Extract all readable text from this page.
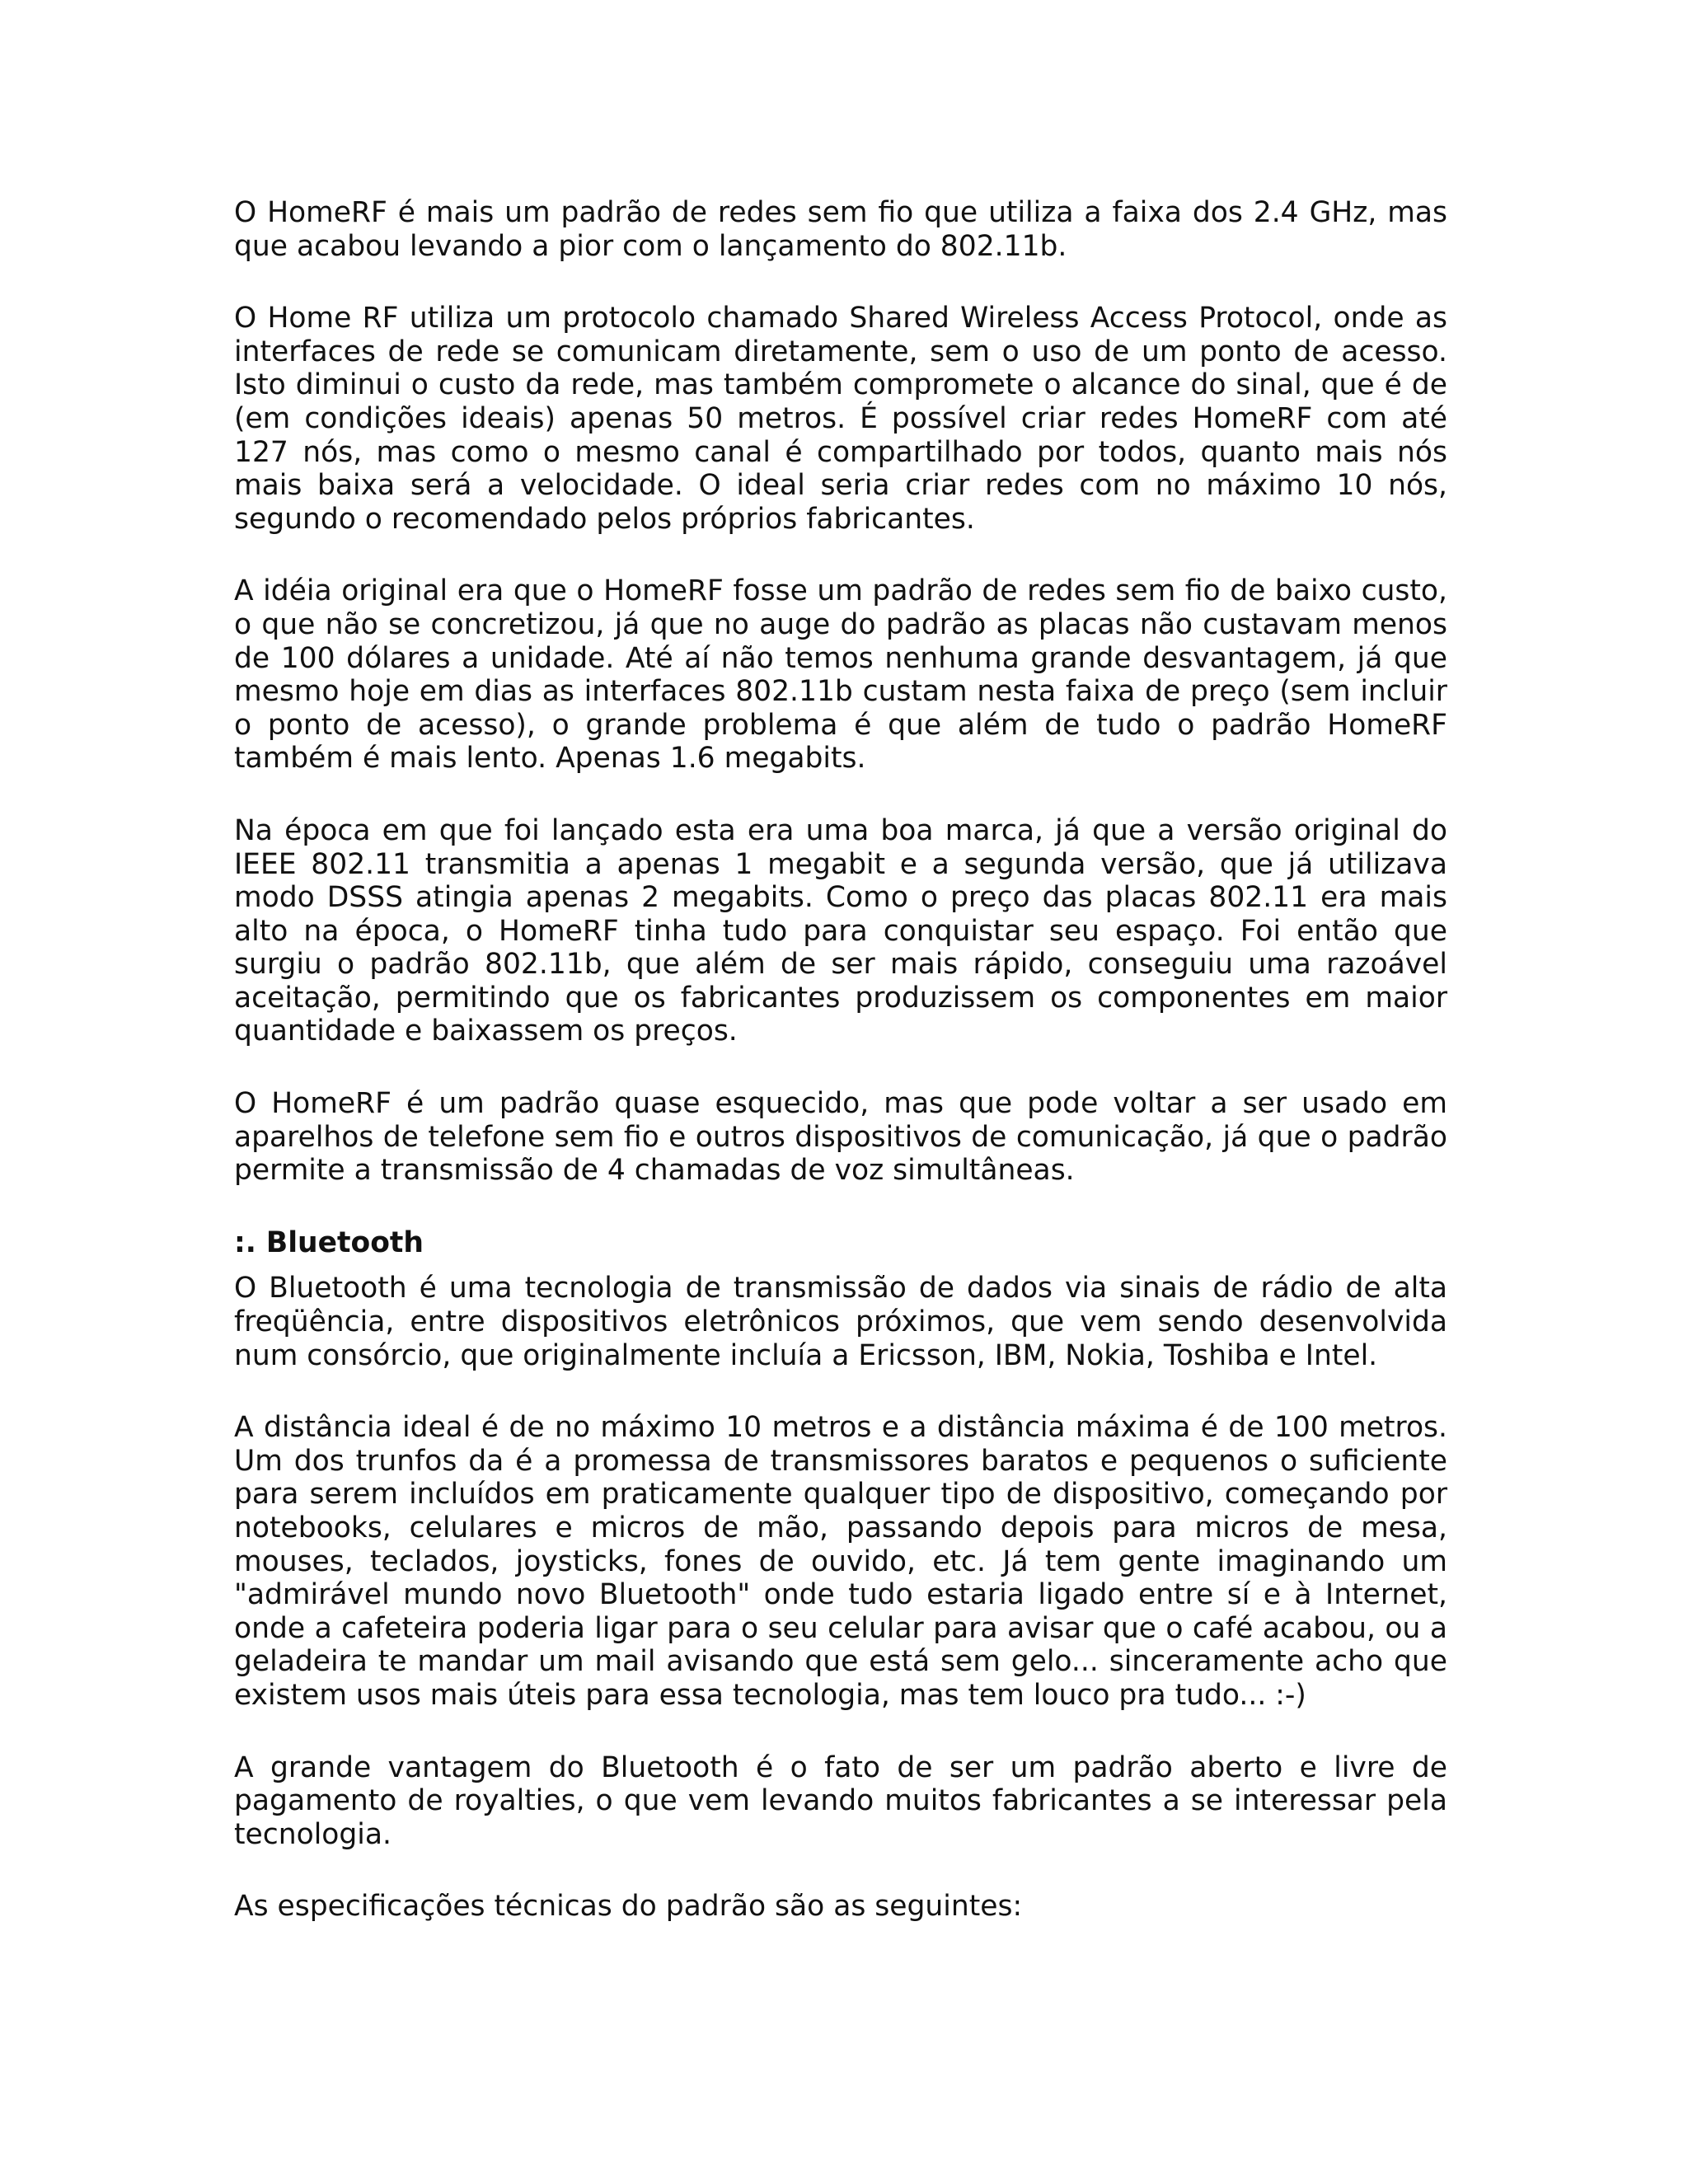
O HomeRF é mais um padrão de redes sem fio que utiliza a faixa dos 2.4 GHz, mas que acabou levando a pior com o lançamento do 802.11b.

O Home RF utiliza um protocolo chamado Shared Wireless Access Protocol, onde as interfaces de rede se comunicam diretamente, sem o uso de um ponto de acesso. Isto diminui o custo da rede, mas também compromete o alcance do sinal, que é de (em condições ideais) apenas 50 metros. É possível criar redes HomeRF com até 127 nós, mas como o mesmo canal é compartilhado por todos, quanto mais nós mais baixa será a velocidade. O ideal seria criar redes com no máximo 10 nós, segundo o recomendado pelos próprios fabricantes.

A idéia original era que o HomeRF fosse um padrão de redes sem fio de baixo custo, o que não se concretizou, já que no auge do padrão as placas não custavam menos de 100 dólares a unidade. Até aí não temos nenhuma grande desvantagem, já que mesmo hoje em dias as interfaces 802.11b custam nesta faixa de preço (sem incluir o ponto de acesso), o grande problema é que além de tudo o padrão HomeRF também é mais lento. Apenas 1.6 megabits.

Na época em que foi lançado esta era uma boa marca, já que a versão original do IEEE 802.11 transmitia a apenas 1 megabit e a segunda versão, que já utilizava modo DSSS atingia apenas 2 megabits. Como o preço das placas 802.11 era mais alto na época, o HomeRF tinha tudo para conquistar seu espaço. Foi então que surgiu o padrão 802.11b, que além de ser mais rápido, conseguiu uma razoável aceitação, permitindo que os fabricantes produzissem os componentes em maior quantidade e baixassem os preços.

O HomeRF é um padrão quase esquecido, mas que pode voltar a ser usado em aparelhos de telefone sem fio e outros dispositivos de comunicação, já que o padrão permite a transmissão de 4 chamadas de voz simultâneas.

:. Bluetooth

O Bluetooth é uma tecnologia de transmissão de dados via sinais de rádio de alta freqüência, entre dispositivos eletrônicos próximos, que vem sendo desenvolvida num consórcio, que originalmente incluía a Ericsson, IBM, Nokia, Toshiba e Intel.

A distância ideal é de no máximo 10 metros e a distância máxima é de 100 metros. Um dos trunfos da é a promessa de transmissores baratos e pequenos o suficiente para serem incluídos em praticamente qualquer tipo de dispositivo, começando por notebooks, celulares e micros de mão, passando depois para micros de mesa, mouses, teclados, joysticks, fones de ouvido, etc. Já tem gente imaginando um "admirável mundo novo Bluetooth" onde tudo estaria ligado entre sí e à Internet, onde a cafeteira poderia ligar para o seu celular para avisar que o café acabou, ou a geladeira te mandar um mail avisando que está sem gelo... sinceramente acho que existem usos mais úteis para essa tecnologia, mas tem louco pra tudo... :-)

A grande vantagem do Bluetooth é o fato de ser um padrão aberto e livre de pagamento de royalties, o que vem levando muitos fabricantes a se interessar pela tecnologia.

As especificações técnicas do padrão são as seguintes:
